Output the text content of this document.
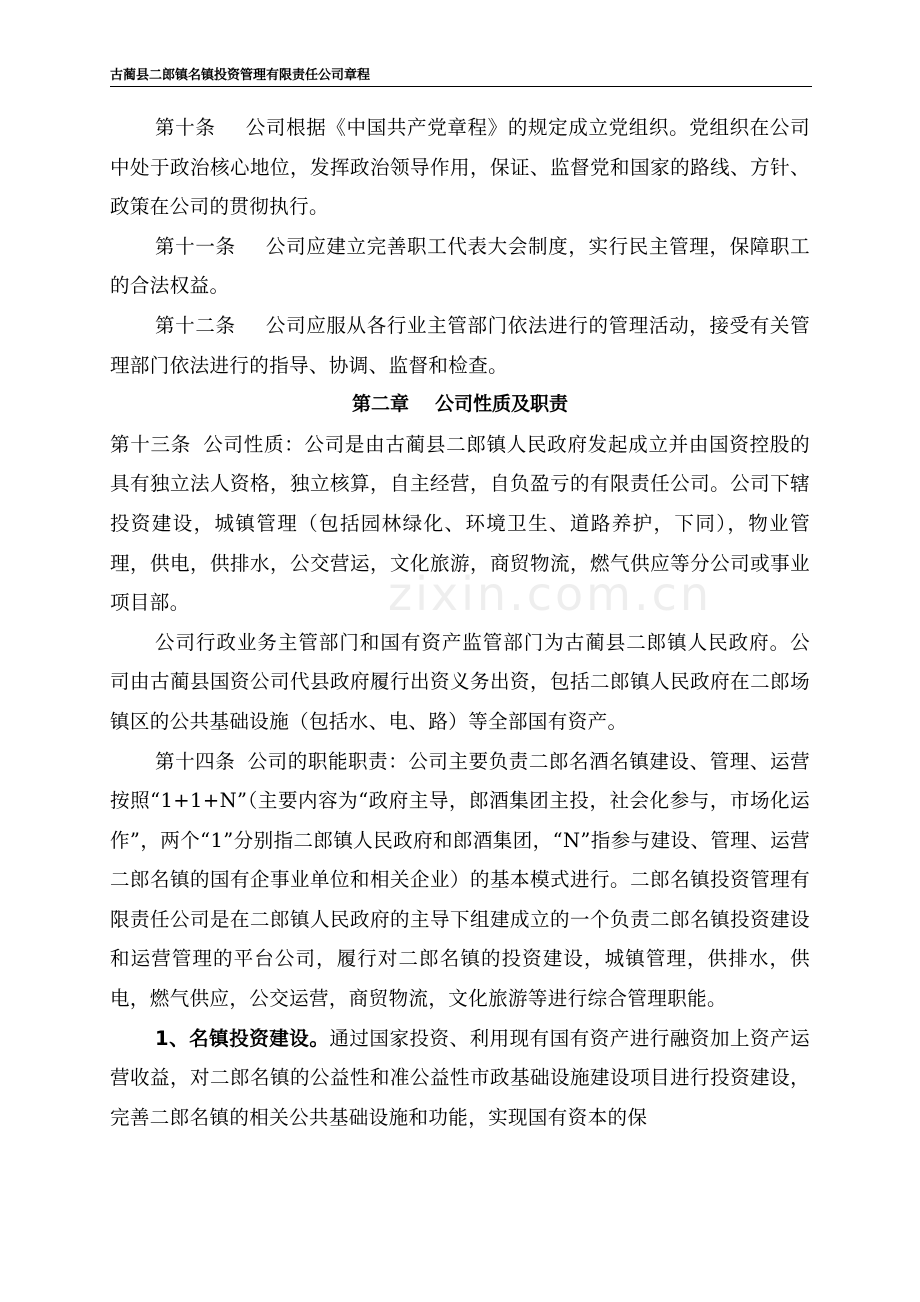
古蔺县二郎镇名镇投资管理有限责任公司章程
zixin.com.cn

第十条 公司根据《中国共产党章程》的规定成立党组织。党组织在公司中处于政治核心地位，发挥政治领导作用，保证、监督党和国家的路线、方针、政策在公司的贯彻执行。

第十一条 公司应建立完善职工代表大会制度，实行民主管理，保障职工的合法权益。

第十二条 公司应服从各行业主管部门依法进行的管理活动，接受有关管理部门依法进行的指导、协调、监督和检查。

第二章 公司性质及职责

第十三条 公司性质：公司是由古蔺县二郎镇人民政府发起成立并由国资控股的具有独立法人资格，独立核算，自主经营，自负盈亏的有限责任公司。公司下辖投资建设，城镇管理（包括园林绿化、环境卫生、道路养护，下同），物业管理，供电，供排水，公交营运，文化旅游，商贸物流，燃气供应等分公司或事业项目部。

公司行政业务主管部门和国有资产监管部门为古蔺县二郎镇人民政府。公司由古蔺县国资公司代县政府履行出资义务出资，包括二郎镇人民政府在二郎场镇区的公共基础设施（包括水、电、路）等全部国有资产。

第十四条 公司的职能职责：公司主要负责二郎名酒名镇建设、管理、运营按照“1+1+N”（主要内容为“政府主导，郎酒集团主投，社会化参与，市场化运作”，两个“1”分别指二郎镇人民政府和郎酒集团，“N”指参与建设、管理、运营二郎名镇的国有企事业单位和相关企业）的基本模式进行。二郎名镇投资管理有限责任公司是在二郎镇人民政府的主导下组建成立的一个负责二郎名镇投资建设和运营管理的平台公司，履行对二郎名镇的投资建设，城镇管理，供排水，供电，燃气供应，公交运营，商贸物流，文化旅游等进行综合管理职能。

1、名镇投资建设。通过国家投资、利用现有国有资产进行融资加上资产运营收益，对二郎名镇的公益性和准公益性市政基础设施建设项目进行投资建设，完善二郎名镇的相关公共基础设施和功能，实现国有资本的保
